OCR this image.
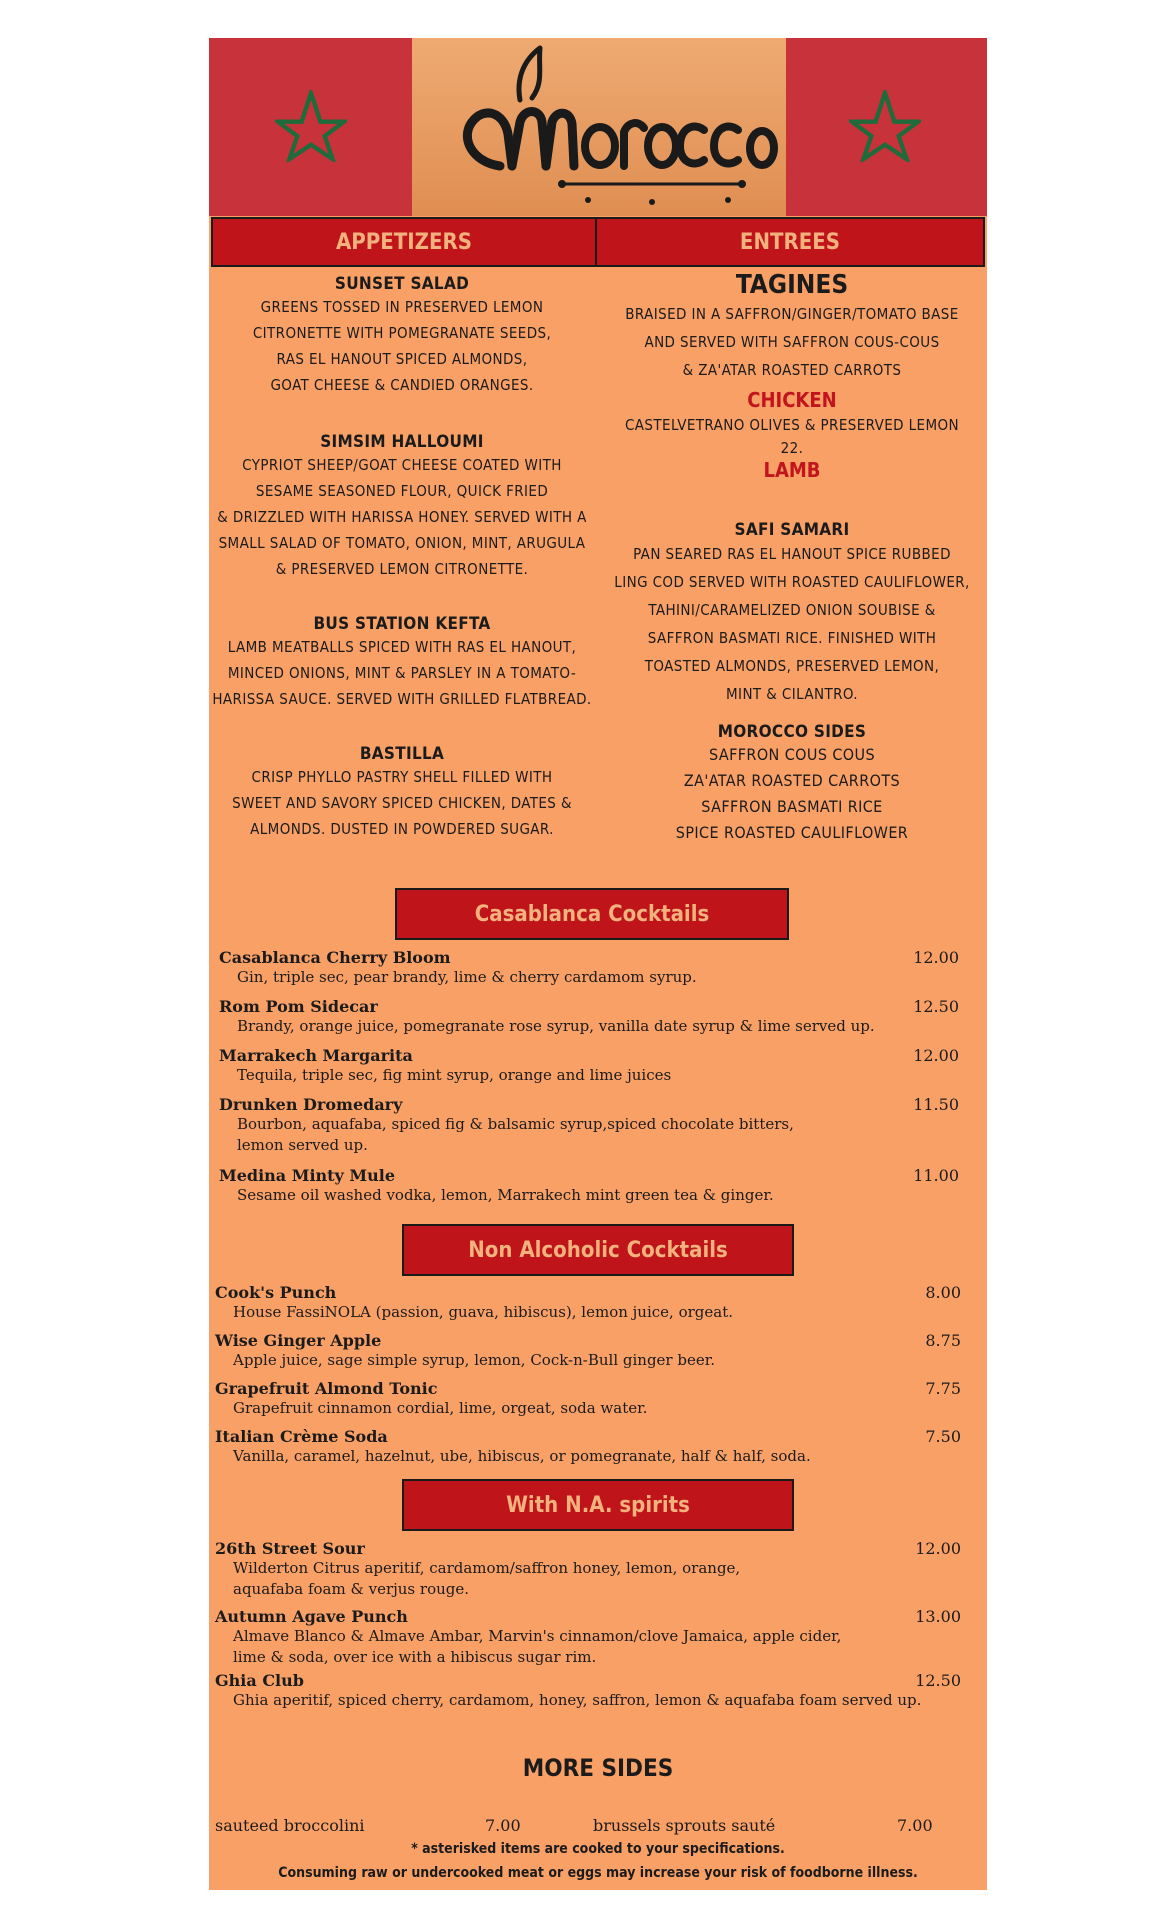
APPETIZERS	ENTREES
SUNSET SALAD
GREENS TOSSED IN PRESERVED LEMON
CITRONETTE WITH POMEGRANATE SEEDS,
RAS EL HANOUT SPICED ALMONDS,
GOAT CHEESE & CANDIED ORANGES.
SIMSIM HALLOUMI
CYPRIOT SHEEP/GOAT CHEESE COATED WITH
SESAME SEASONED FLOUR, QUICK FRIED
& DRIZZLED WITH HARISSA HONEY. SERVED WITH A
SMALL SALAD OF TOMATO, ONION, MINT, ARUGULA
& PRESERVED LEMON CITRONETTE.
BUS STATION KEFTA
LAMB MEATBALLS SPICED WITH RAS EL HANOUT,
MINCED ONIONS, MINT & PARSLEY IN A TOMATO-
HARISSA SAUCE. SERVED WITH GRILLED FLATBREAD.
BASTILLA
CRISP PHYLLO PASTRY SHELL FILLED WITH
SWEET AND SAVORY SPICED CHICKEN, DATES &
ALMONDS. DUSTED IN POWDERED SUGAR.
TAGINES
BRAISED IN A SAFFRON/GINGER/TOMATO BASE
AND SERVED WITH SAFFRON COUS-COUS
& ZA'ATAR ROASTED CARROTS
CHICKEN
CASTELVETRANO OLIVES & PRESERVED LEMON
22.
LAMB
SAFI SAMARI
PAN SEARED RAS EL HANOUT SPICE RUBBED
LING COD SERVED WITH ROASTED CAULIFLOWER,
TAHINI/CARAMELIZED ONION SOUBISE &
SAFFRON BASMATI RICE. FINISHED WITH
TOASTED ALMONDS, PRESERVED LEMON,
MINT & CILANTRO.
MOROCCO SIDES
SAFFRON COUS COUS
ZA'ATAR ROASTED CARROTS
SAFFRON BASMATI RICE
SPICE ROASTED CAULIFLOWER
Casablanca Cocktails
Casablanca Cherry Bloom	12.00
Gin, triple sec, pear brandy, lime & cherry cardamom syrup.
Rom Pom Sidecar	12.50
Brandy, orange juice, pomegranate rose syrup, vanilla date syrup & lime served up.
Marrakech Margarita	12.00
Tequila, triple sec, fig mint syrup, orange and lime juices
Drunken Dromedary	11.50
Bourbon, aquafaba, spiced fig & balsamic syrup,spiced chocolate bitters,
lemon served up.
Medina Minty Mule	11.00
Sesame oil washed vodka, lemon, Marrakech mint green tea & ginger.
Non Alcoholic Cocktails
Cook's Punch	8.00
House FassiNOLA (passion, guava, hibiscus), lemon juice, orgeat.
Wise Ginger Apple	8.75
Apple juice, sage simple syrup, lemon, Cock-n-Bull ginger beer.
Grapefruit Almond Tonic	7.75
Grapefruit cinnamon cordial, lime, orgeat, soda water.
Italian Crème Soda	7.50
Vanilla, caramel, hazelnut, ube, hibiscus, or pomegranate, half & half, soda.
With N.A. spirits
26th Street Sour	12.00
Wilderton Citrus aperitif, cardamom/saffron honey, lemon, orange,
aquafaba foam & verjus rouge.
Autumn Agave Punch	13.00
Almave Blanco & Almave Ambar, Marvin's cinnamon/clove Jamaica, apple cider,
lime & soda, over ice with a hibiscus sugar rim.
Ghia Club	12.50
Ghia aperitif, spiced cherry, cardamom, honey, saffron, lemon & aquafaba foam served up.
MORE SIDES
sauteed broccolini	7.00	brussels sprouts sauté	7.00
* asterisked items are cooked to your specifications.
Consuming raw or undercooked meat or eggs may increase your risk of foodborne illness.
